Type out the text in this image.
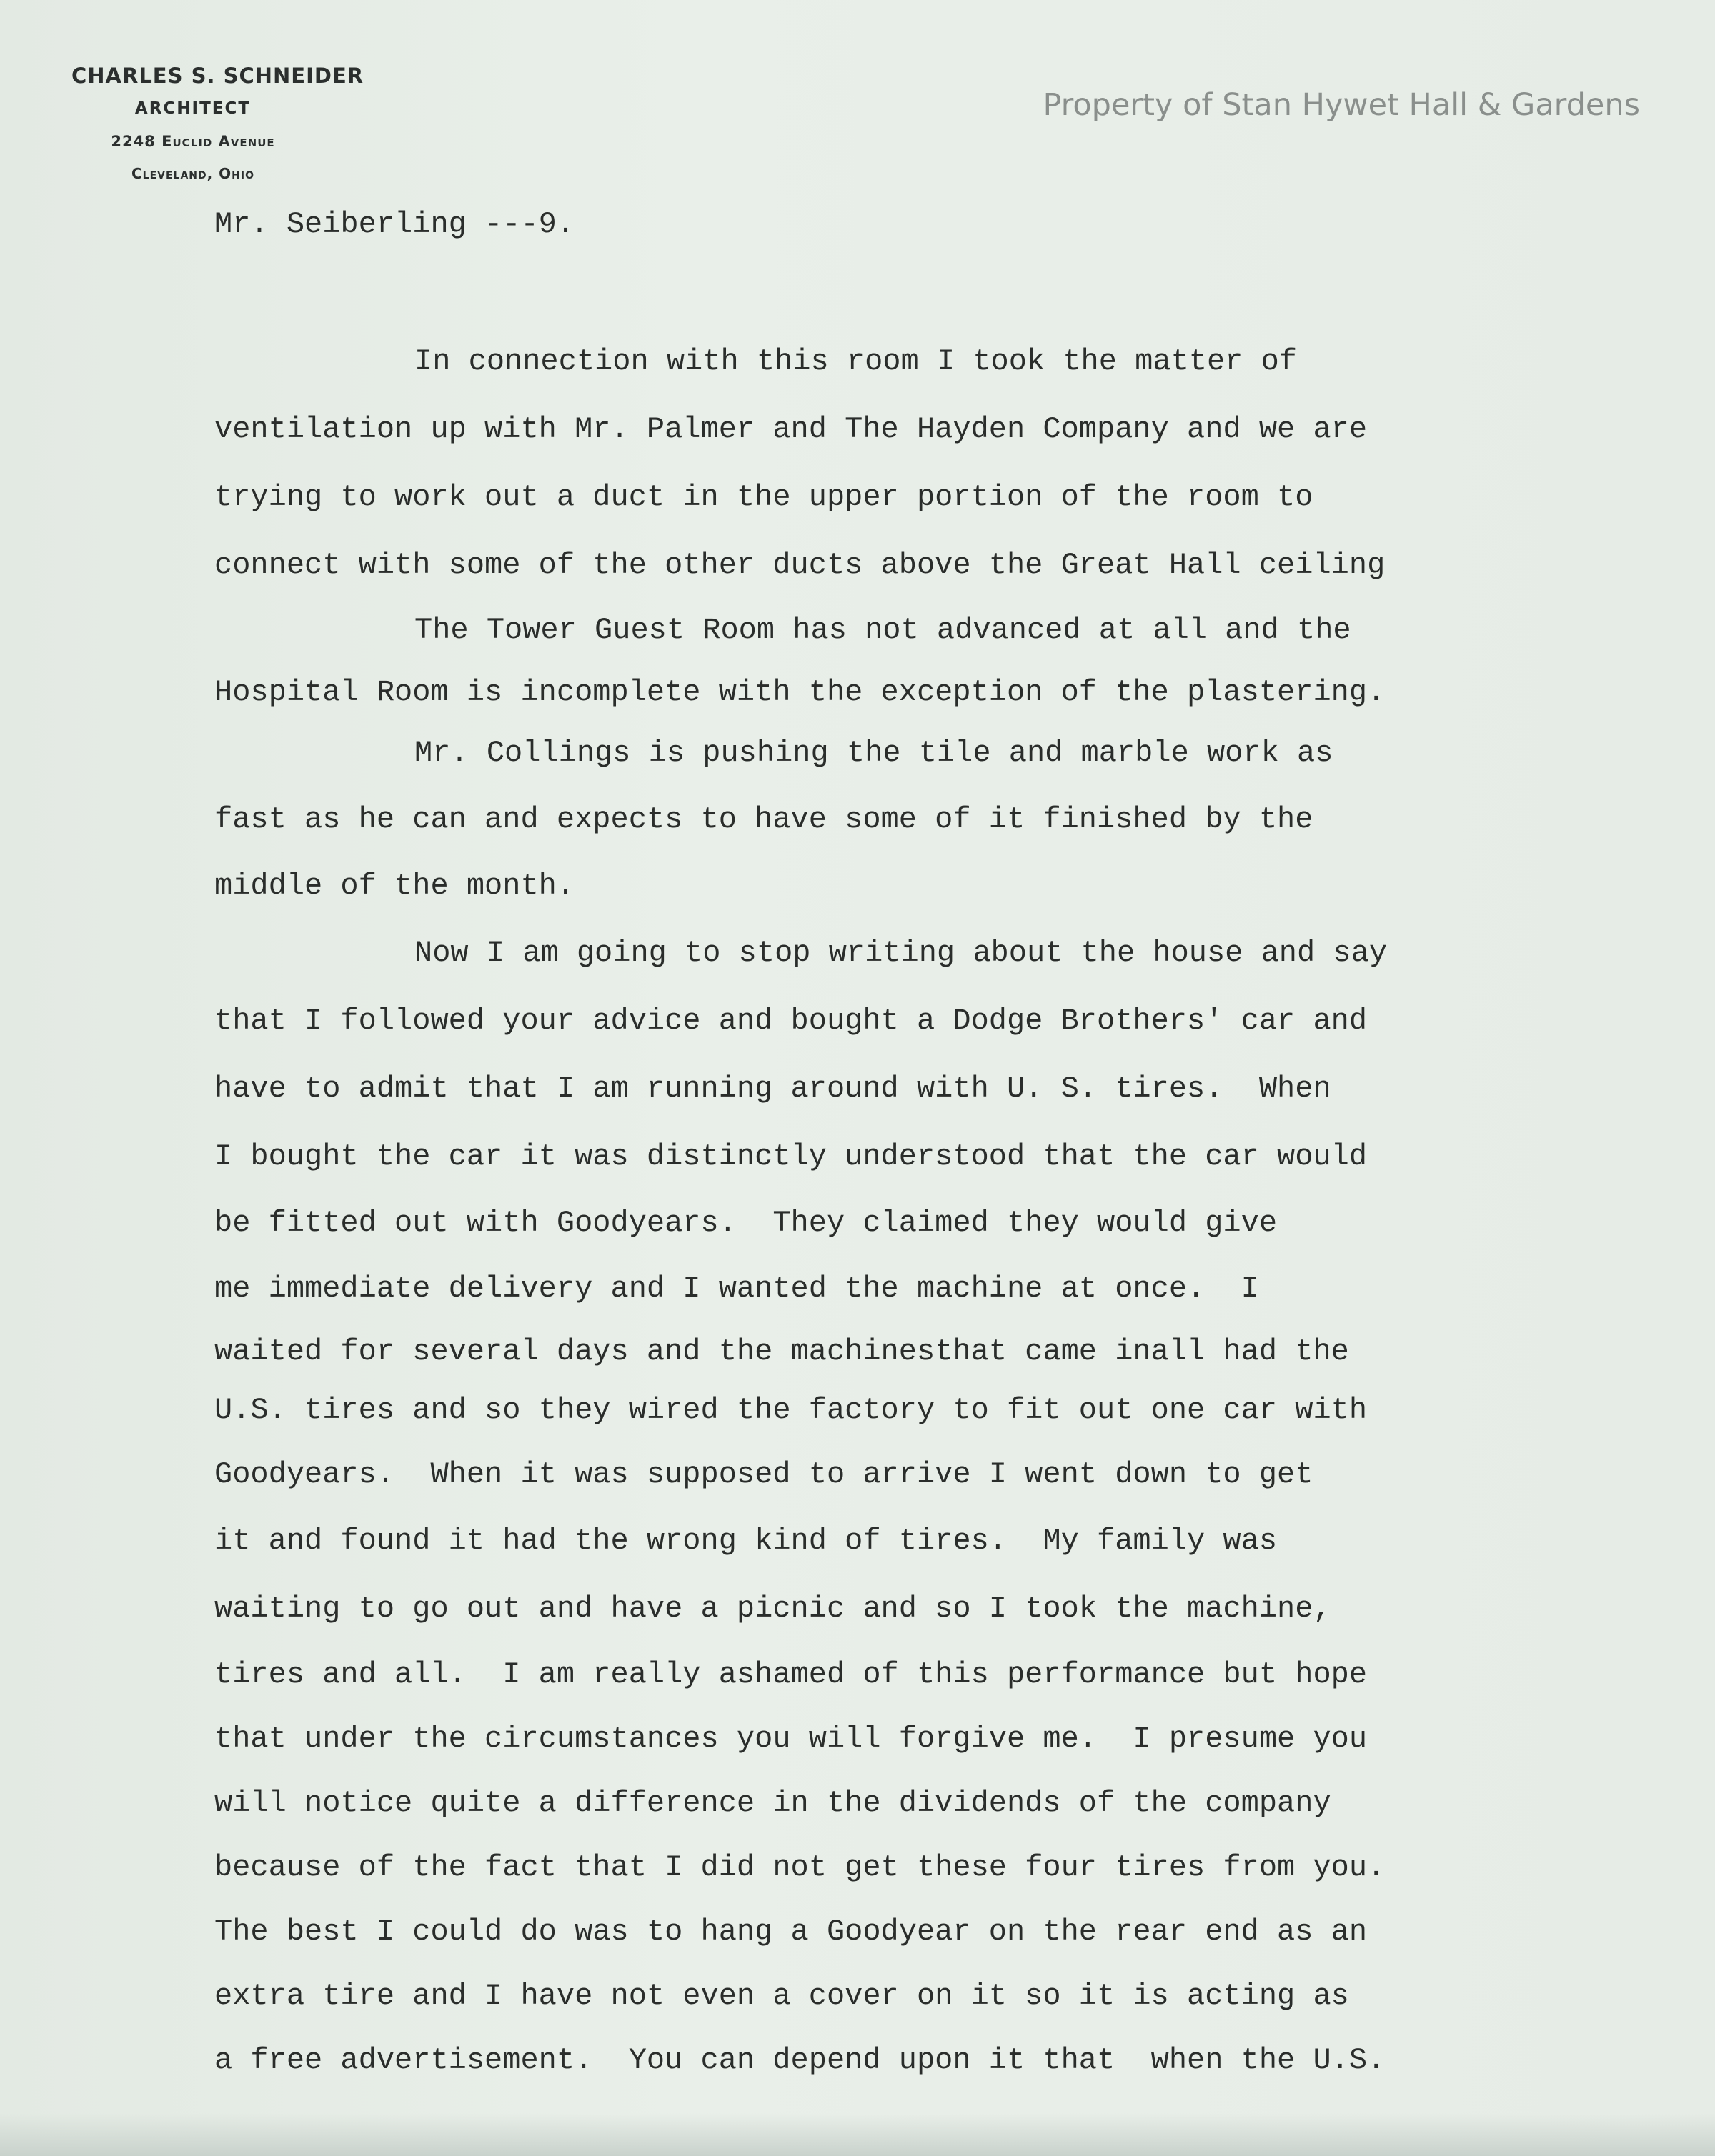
CHARLES S. SCHNEIDER
ARCHITECT
2248 Euclid Avenue
Cleveland, Ohio
Property of Stan Hywet Hall & Gardens
Mr. Seiberling ---9.
In connection with this room I took the matter of
ventilation up with Mr. Palmer and The Hayden Company and we are
trying to work out a duct in the upper portion of the room to
connect with some of the other ducts above the Great Hall ceiling
The Tower Guest Room has not advanced at all and the
Hospital Room is incomplete with the exception of the plastering.
Mr. Collings is pushing the tile and marble work as
fast as he can and expects to have some of it finished by the
middle of the month.
Now I am going to stop writing about the house and say
that I followed your advice and bought a Dodge Brothers' car and
have to admit that I am running around with U. S. tires.  When
I bought the car it was distinctly understood that the car would
be fitted out with Goodyears.  They claimed they would give
me immediate delivery and I wanted the machine at once.  I
waited for several days and the machinesthat came inall had the
U.S. tires and so they wired the factory to fit out one car with
Goodyears.  When it was supposed to arrive I went down to get
it and found it had the wrong kind of tires.  My family was
waiting to go out and have a picnic and so I took the machine,
tires and all.  I am really ashamed of this performance but hope
that under the circumstances you will forgive me.  I presume you
will notice quite a difference in the dividends of the company
because of the fact that I did not get these four tires from you.
The best I could do was to hang a Goodyear on the rear end as an
extra tire and I have not even a cover on it so it is acting as
a free advertisement.  You can depend upon it that  when the U.S.
